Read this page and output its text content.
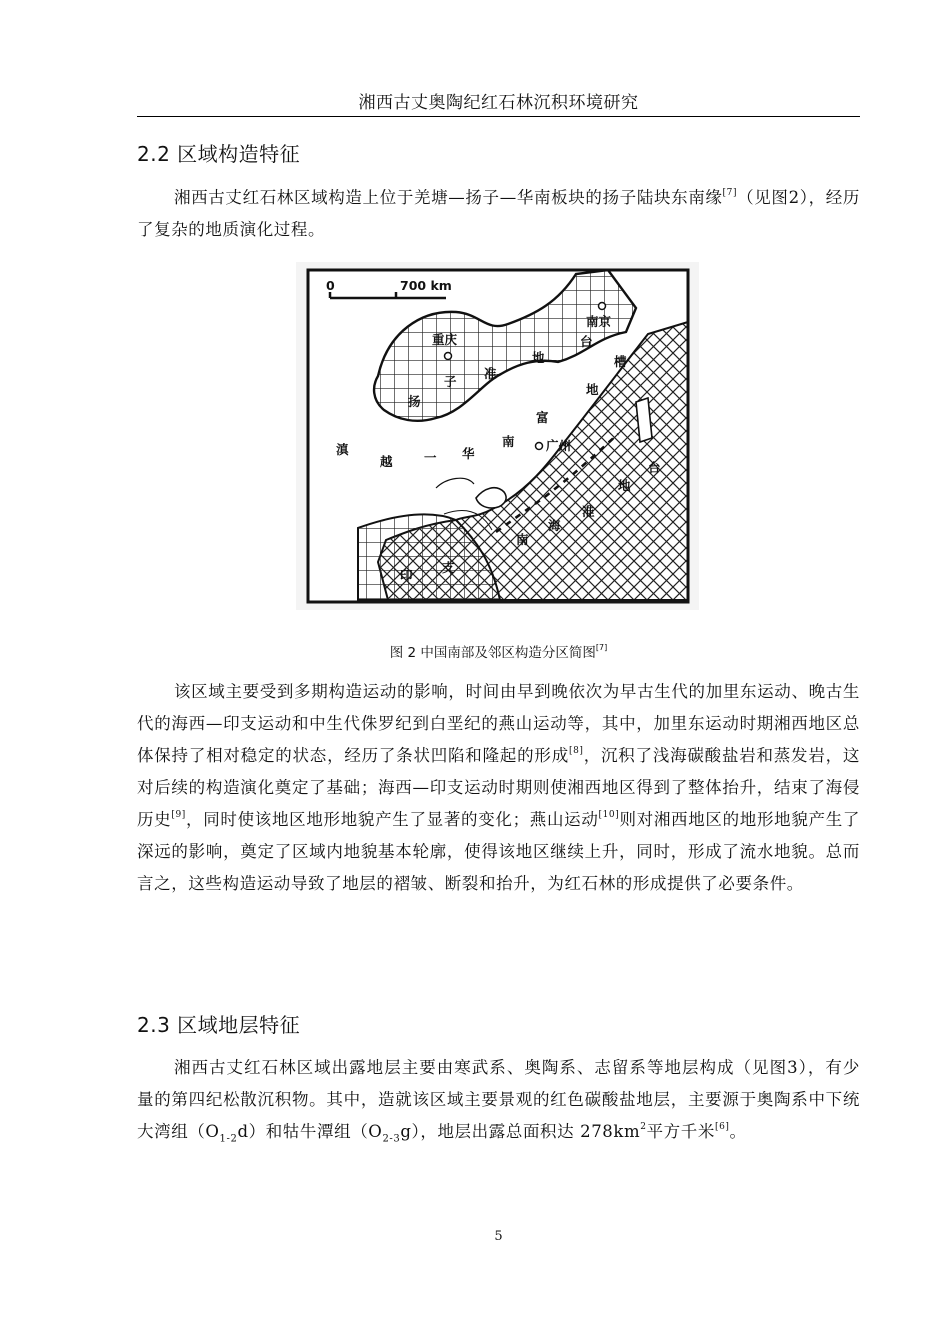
湘西古丈奥陶纪红石林沉积环境研究
2.2 区域构造特征
湘西古丈红石林区域构造上位于羌塘—扬子—华南板块的扬子陆块东南缘[7]（见图2），经历了复杂的地质演化过程。
0	700 km
南京
重庆
广州
扬
子
准
地
台
滇
越	一 华
南
富
地
槽
台
南
海
准
地
印
支
图 2 中国南部及邻区构造分区简图[7]
该区域主要受到多期构造运动的影响，时间由早到晚依次为早古生代的加里东运动、晚古生代的海西—印支运动和中生代侏罗纪到白垩纪的燕山运动等，其中，加里东运动时期湘西地区总体保持了相对稳定的状态，经历了条状凹陷和隆起的形成[8]，沉积了浅海碳酸盐岩和蒸发岩，这对后续的构造演化奠定了基础；海西—印支运动时期则使湘西地区得到了整体抬升，结束了海侵历史[9]，同时使该地区地形地貌产生了显著的变化；燕山运动[10]则对湘西地区的地形地貌产生了深远的影响，奠定了区域内地貌基本轮廓，使得该地区继续上升，同时，形成了流水地貌。总而言之，这些构造运动导致了地层的褶皱、断裂和抬升，为红石林的形成提供了必要条件。
2.3 区域地层特征
湘西古丈红石林区域出露地层主要由寒武系、奥陶系、志留系等地层构成（见图3），有少量的第四纪松散沉积物。其中，造就该区域主要景观的红色碳酸盐地层，主要源于奥陶系中下统大湾组$(O_{1-2}d)$和牯牛潭组$(O_{2-3}g)$，地层出露总面积达 $278km^2$平方千米[6]。
5
